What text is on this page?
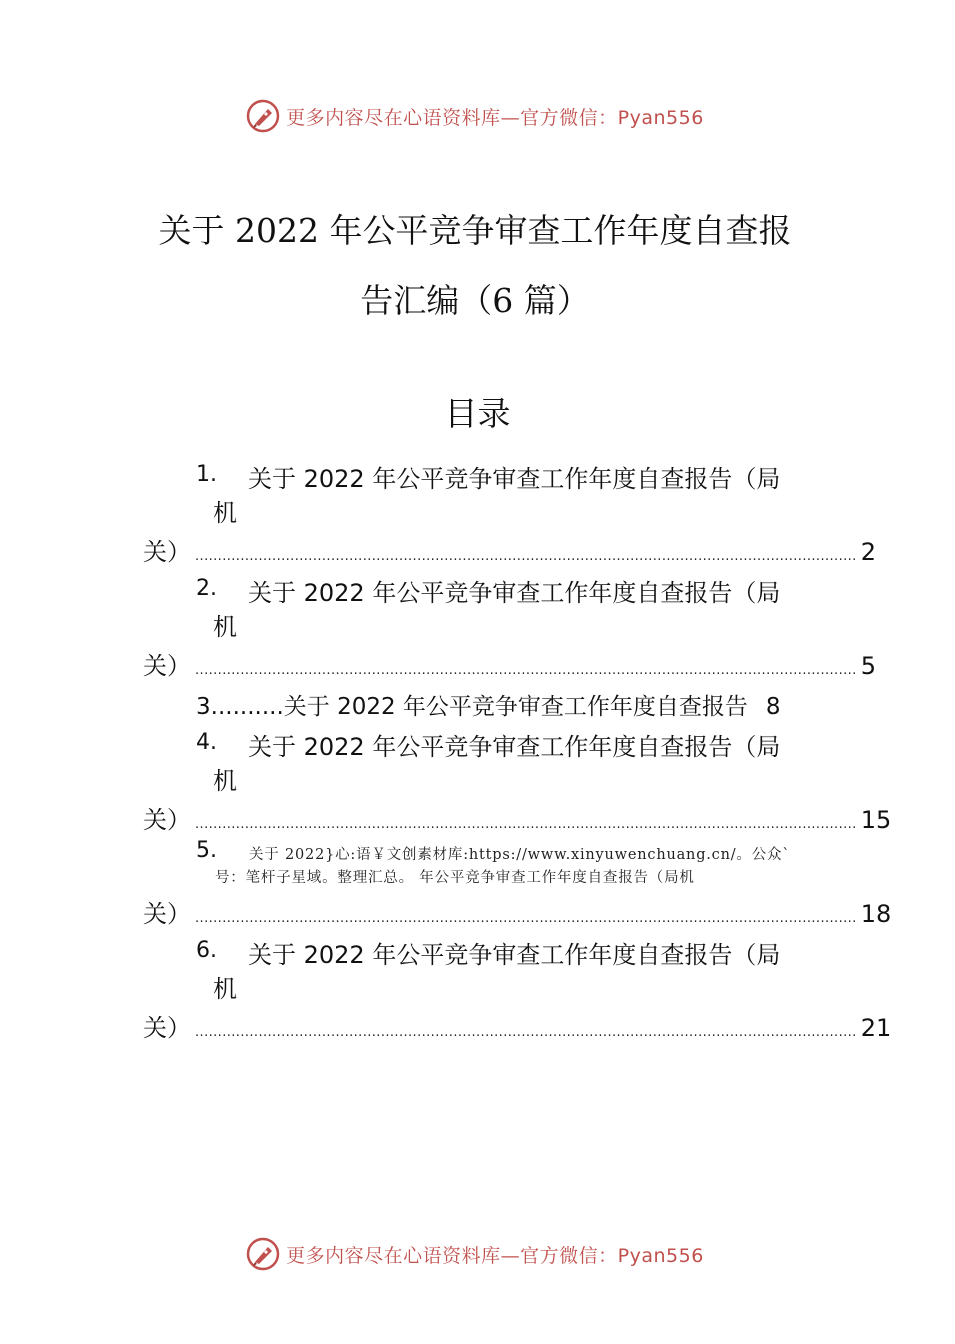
更多内容尽在心语资料库—官方微信：Pyan556
关于 2022 年公平竞争审查工作年度自查报
告汇编（6 篇）
目录
1. 关于 2022 年公平竞争审查工作年度自查报告（局
机
关） .................................................................................................................................................. 2
2. 关于 2022 年公平竞争审查工作年度自查报告（局
机
关） .................................................................................................................................................. 5
3..........关于 2022 年公平竞争审查工作年度自查报告 8
4. 关于 2022 年公平竞争审查工作年度自查报告（局
机
关） .................................................................................................................................................. 15
5. 关于 2022}心:语￥文创素材库:https://www.xinyuwenchuang.cn/。公众`
号：笔杆子星域。整理汇总。 年公平竞争审查工作年度自查报告（局机
关） .................................................................................................................................................. 18
6. 关于 2022 年公平竞争审查工作年度自查报告（局
机
关） .................................................................................................................................................. 21
更多内容尽在心语资料库—官方微信：Pyan556
